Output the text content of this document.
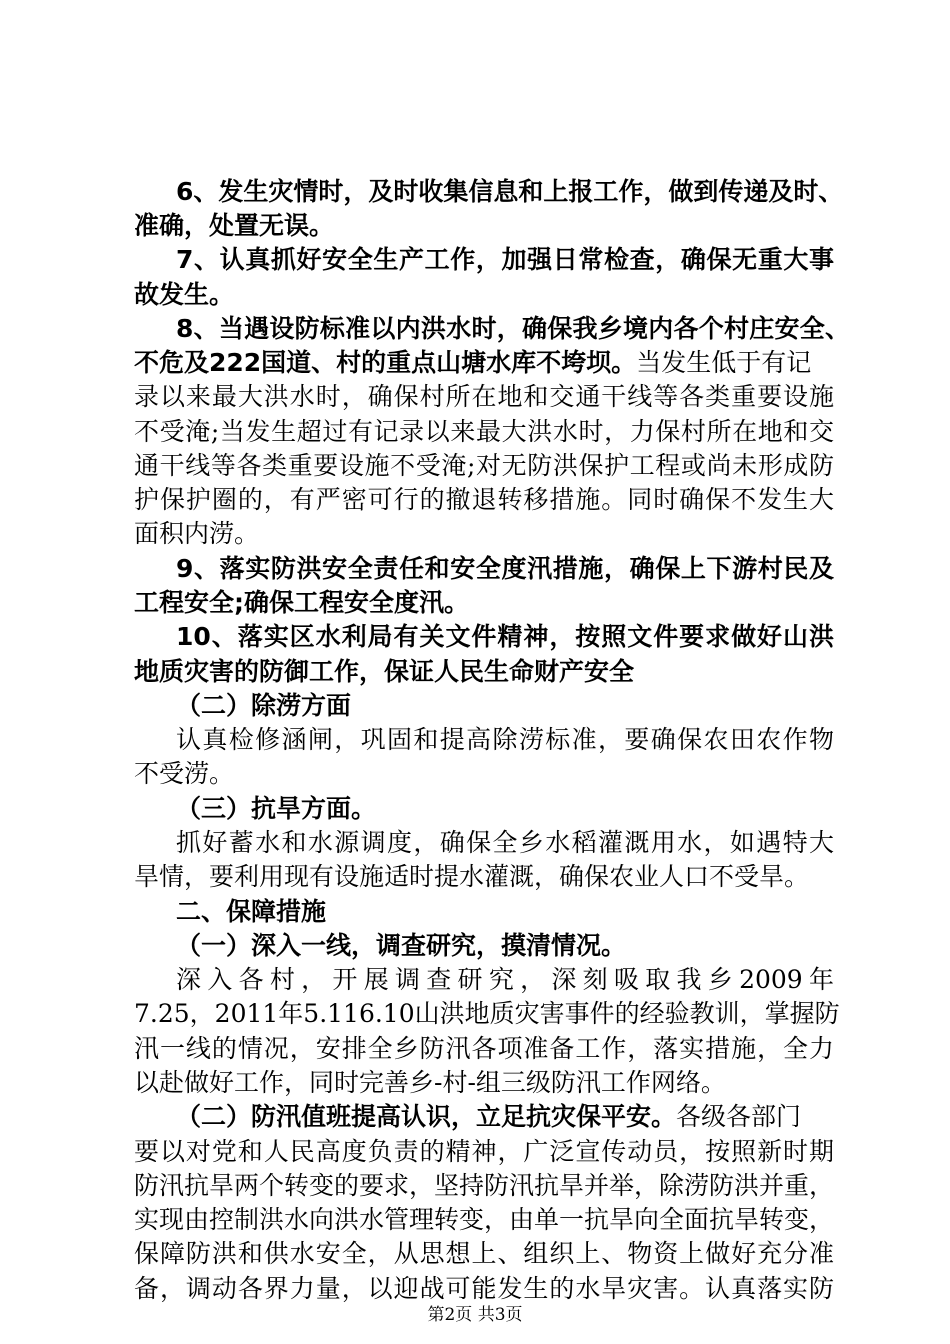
6、发生灾情时，及时收集信息和上报工作，做到传递及时、
准确，处置无误。
7、认真抓好安全生产工作，加强日常检查，确保无重大事
故发生。
8、当遇设防标准以内洪水时，确保我乡境内各个村庄安全、
不危及222国道、村的重点山塘水库不垮坝。当发生低于有记
录以来最大洪水时，确保村所在地和交通干线等各类重要设施
不受淹;当发生超过有记录以来最大洪水时，力保村所在地和交
通干线等各类重要设施不受淹;对无防洪保护工程或尚未形成防
护保护圈的，有严密可行的撤退转移措施。同时确保不发生大
面积内涝。
9、落实防洪安全责任和安全度汛措施，确保上下游村民及
工程安全;确保工程安全度汛。
10、落实区水利局有关文件精神，按照文件要求做好山洪
地质灾害的防御工作，保证人民生命财产安全
（二）除涝方面
认真检修涵闸，巩固和提高除涝标准，要确保农田农作物
不受涝。
（三）抗旱方面。
抓好蓄水和水源调度，确保全乡水稻灌溉用水，如遇特大
旱情，要利用现有设施适时提水灌溉，确保农业人口不受旱。
二、保障措施
（一）深入一线，调查研究，摸清情况。
深入各村，开展调查研究，深刻吸取我乡2009年
7.25，2011年5.116.10山洪地质灾害事件的经验教训，掌握防
汛一线的情况，安排全乡防汛各项准备工作，落实措施，全力
以赴做好工作，同时完善乡-村-组三级防汛工作网络。
（二）防汛值班提高认识，立足抗灾保平安。各级各部门
要以对党和人民高度负责的精神，广泛宣传动员，按照新时期
防汛抗旱两个转变的要求，坚持防汛抗旱并举，除涝防洪并重，
实现由控制洪水向洪水管理转变，由单一抗旱向全面抗旱转变，
保障防洪和供水安全，从思想上、组织上、物资上做好充分准
备，调动各界力量，以迎战可能发生的水旱灾害。认真落实防
第2页 共3页
